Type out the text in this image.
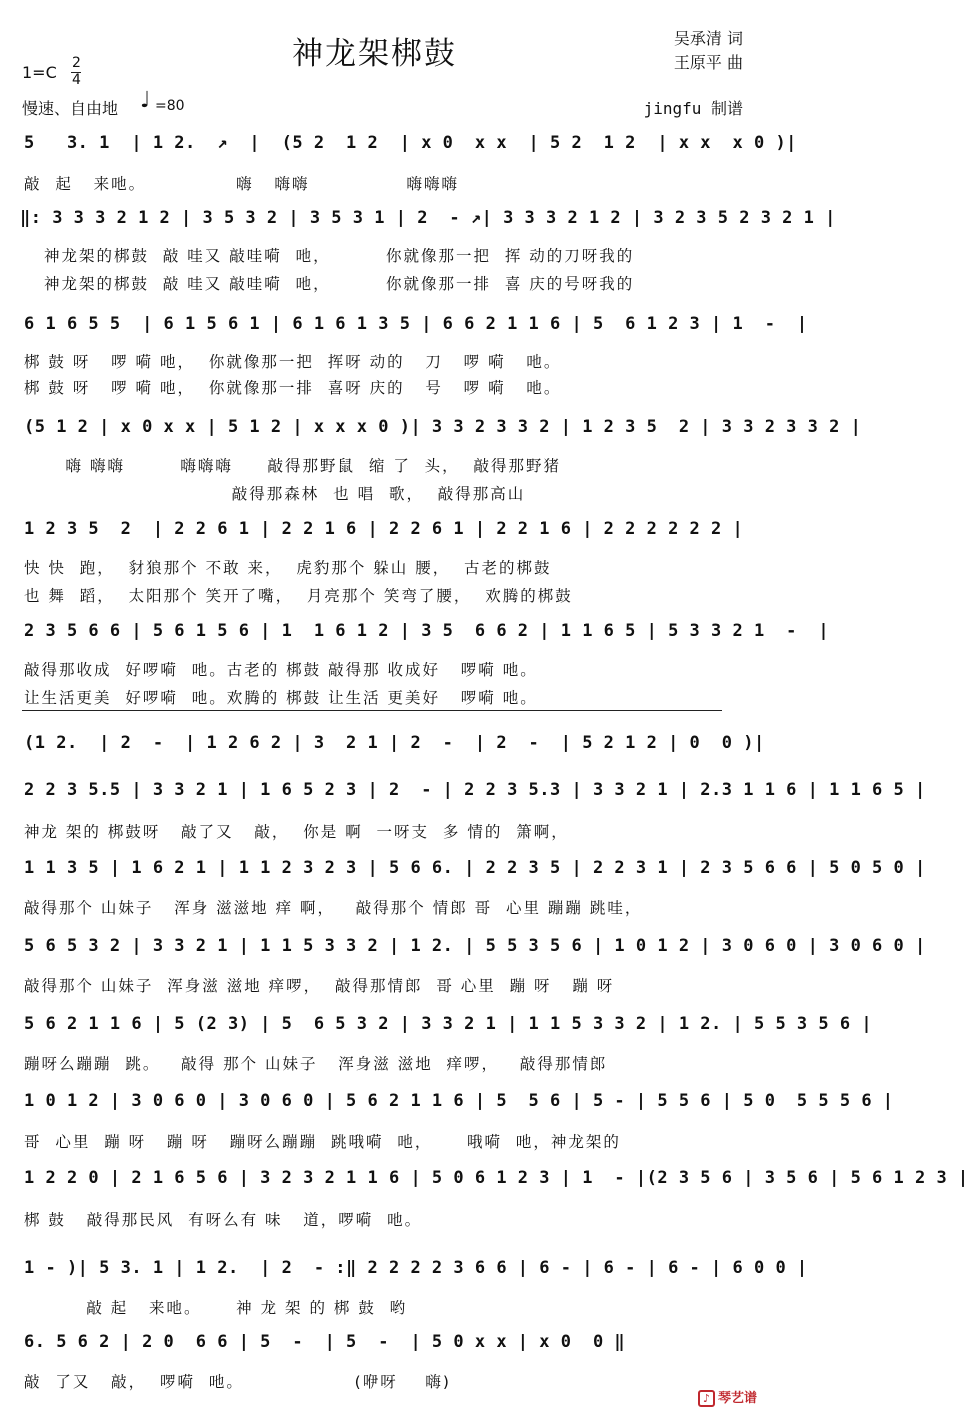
神龙架梆鼓
1=C 2
4
慢速、自由地 ♩ =80
吴承清 词
王原平 曲
jingfu 制谱
5   3. 1  | 1 2.  ↗  |  (5 2  1 2  | x 0  x x  | 5 2  1 2  | x x  x 0 )|
敲  起   来吔。             嗨   嗨嗨              嗨嗨嗨
‖: 3 3 3 2 1 2 | 3 5 3 2 | 3 5 3 1 | 2  - ↗| 3 3 3 2 1 2 | 3 2 3 5 2 3 2 1 |
神龙架的梆鼓  敲 哇又 敲哇嗬  吔，        你就像那一把  挥 动的刀呀我的
神龙架的梆鼓  敲 哇又 敲哇嗬  吔，        你就像那一排  喜 庆的号呀我的
6 1 6 5 5  | 6 1 5 6 1 | 6 1 6 1 3 5 | 6 6 2 1 1 6 | 5  6 1 2 3 | 1  -  |
梆 鼓 呀   啰 嗬 吔，  你就像那一把  挥呀 动的   刀   啰 嗬   吔。
梆 鼓 呀   啰 嗬 吔，  你就像那一排  喜呀 庆的   号   啰 嗬   吔。
(5 1 2 | x 0 x x | 5 1 2 | x x x 0 )| 3 3 2 3 3 2 | 1 2 3 5  2 | 3 3 2 3 3 2 |
嗨 嗨嗨        嗨嗨嗨     敲得那野鼠  缩 了  头，  敲得那野猪
敲得那森林  也 唱  歌，  敲得那高山
1 2 3 5  2  | 2 2 6 1 | 2 2 1 6 | 2 2 6 1 | 2 2 1 6 | 2 2 2 2 2 2 |
快 快  跑，  豺狼那个 不敢 来，  虎豹那个 躲山 腰，  古老的梆鼓
也 舞  蹈，  太阳那个 笑开了嘴，  月亮那个 笑弯了腰，  欢腾的梆鼓
2 3 5 6 6 | 5 6 1 5 6 | 1  1 6 1 2 | 3 5  6 6 2 | 1 1 6 5 | 5 3 3 2 1  -  |
敲得那收成  好啰嗬  吔。古老的 梆鼓 敲得那 收成好   啰嗬 吔。
让生活更美  好啰嗬  吔。欢腾的 梆鼓 让生活 更美好   啰嗬 吔。
(1 2.  | 2  -  | 1 2 6 2 | 3  2 1 | 2  -  | 2  -  | 5 2 1 2 | 0  0 )|
2 2 3 5.5 | 3 3 2 1 | 1 6 5 2 3 | 2  - | 2 2 3 5.3 | 3 3 2 1 | 2.3 1 1 6 | 1 1 6 5 |
神龙 架的 梆鼓呀   敲了又   敲，  你是 啊  一呀支  多 情的  箫啊，
1 1 3 5 | 1 6 2 1 | 1 1 2 3 2 3 | 5 6 6. | 2 2 3 5 | 2 2 3 1 | 2 3 5 6 6 | 5 0 5 0 |
敲得那个 山妹子   浑身 滋滋地 痒 啊，   敲得那个 情郎 哥  心里 蹦蹦 跳哇，
5 6 5 3 2 | 3 3 2 1 | 1 1 5 3 3 2 | 1 2. | 5 5 3 5 6 | 1 0 1 2 | 3 0 6 0 | 3 0 6 0 |
敲得那个 山妹子  浑身滋 滋地 痒啰，  敲得那情郎  哥 心里  蹦 呀   蹦 呀
5 6 2 1 1 6 | 5 (2 3) | 5  6 5 3 2 | 3 3 2 1 | 1 1 5 3 3 2 | 1 2. | 5 5 3 5 6 |
蹦呀么蹦蹦  跳。   敲得 那个 山妹子   浑身滋 滋地  痒啰，   敲得那情郎
1 0 1 2 | 3 0 6 0 | 3 0 6 0 | 5 6 2 1 1 6 | 5  5 6 | 5 - | 5 5 6 | 5 0  5 5 5 6 |
哥  心里  蹦 呀   蹦 呀   蹦呀么蹦蹦  跳哦嗬  吔，     哦嗬  吔，神龙架的
1 2 2 0 | 2 1 6 5 6 | 3 2 3 2 1 1 6 | 5 0 6 1 2 3 | 1  - |(2 3 5 6 | 3 5 6 | 5 6 1 2 3 |
梆 鼓   敲得那民风  有呀么有 味   道，啰嗬  吔。
1 - )| 5 3. 1 | 1 2.  | 2  - :‖ 2 2 2 2 3 6 6 | 6 - | 6 - | 6 - | 6 0 0 |
敲 起   来吔。     神 龙 架 的 梆 鼓  哟
6. 5 6 2 | 2 0  6 6 | 5  -  | 5  -  | 5 0 x x | x 0  0 ‖
敲  了又   敲，  啰嗬  吔。                (咿呀    嗨)
♪ 琴艺谱
